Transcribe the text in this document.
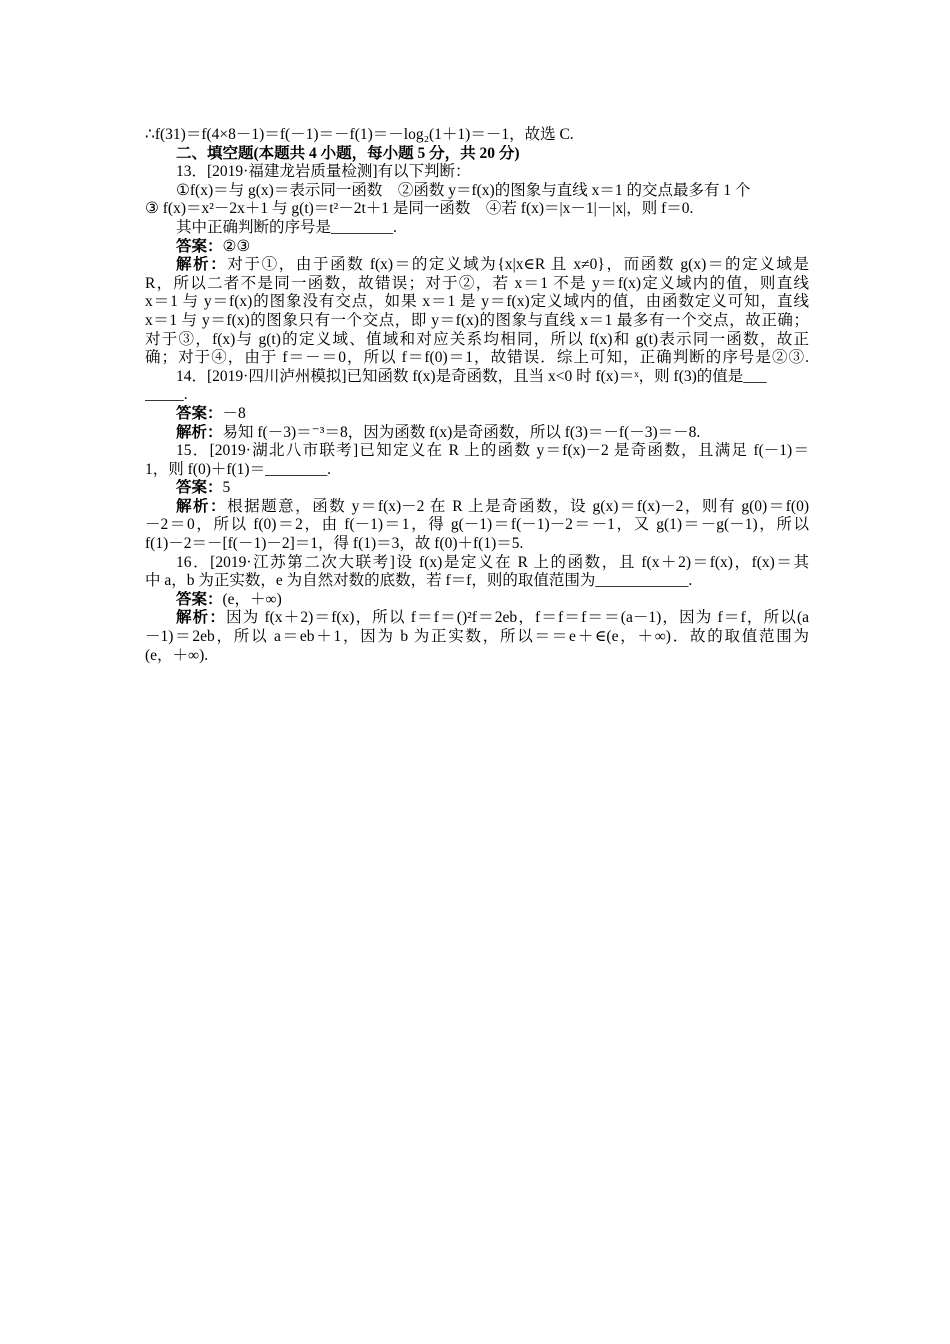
∴f(31)＝f(4×8－1)＝f(－1)＝－f(1)＝－log₂(1＋1)＝－1，故选 C.
二、填空题(本题共 4 小题，每小题 5 分，共 20 分)
13．[2019·福建龙岩质量检测]有以下判断：
①f(x)＝与 g(x)＝表示同一函数　②函数 y＝f(x)的图象与直线 x＝1 的交点最多有 1 个
③ f(x)＝x²－2x＋1 与 g(t)＝t²－2t＋1 是同一函数　④若 f(x)＝|x－1|－|x|，则 f＝0.
其中正确判断的序号是________.
答案：②③
解析：对于①，由于函数 f(x)＝的定义域为{x|x∈R 且 x≠0}，而函数 g(x)＝的定义域是
R，所以二者不是同一函数，故错误；对于②，若 x＝1 不是 y＝f(x)定义域内的值，则直线
x＝1 与 y＝f(x)的图象没有交点，如果 x＝1 是 y＝f(x)定义域内的值，由函数定义可知，直线
x＝1 与 y＝f(x)的图象只有一个交点，即 y＝f(x)的图象与直线 x＝1 最多有一个交点，故正确；
对于③，f(x)与 g(t)的定义域、值域和对应关系均相同，所以 f(x)和 g(t)表示同一函数，故正
确；对于④，由于 f＝－＝0，所以 f＝f(0)＝1，故错误．综上可知，正确判断的序号是②③.
14．[2019·四川泸州模拟]已知函数 f(x)是奇函数，且当 x<0 时 f(x)＝ˣ，则 f(3)的值是___
_____.
答案：－8
解析：易知 f(－3)＝⁻³＝8，因为函数 f(x)是奇函数，所以 f(3)＝－f(－3)＝－8.
15．[2019·湖北八市联考]已知定义在 R 上的函数 y＝f(x)－2 是奇函数，且满足 f(－1)＝
1，则 f(0)＋f(1)＝________.
答案：5
解析：根据题意，函数 y＝f(x)－2 在 R 上是奇函数，设 g(x)＝f(x)－2，则有 g(0)＝f(0)
－2＝0，所以 f(0)＝2，由 f(－1)＝1，得 g(－1)＝f(－1)－2＝－1，又 g(1)＝－g(－1)，所以
f(1)－2＝－[f(－1)－2]＝1，得 f(1)＝3，故 f(0)＋f(1)＝5.
16．[2019·江苏第二次大联考]设 f(x)是定义在 R 上的函数，且 f(x＋2)＝f(x)，f(x)＝其
中 a，b 为正实数，e 为自然对数的底数，若 f＝f，则的取值范围为____________.
答案：(e，＋∞)
解析：因为 f(x＋2)＝f(x)，所以 f＝f＝()²f＝2eb，f＝f＝f＝＝(a－1)，因为 f＝f，所以(a
－1)＝2eb，所以 a＝eb＋1，因为 b 为正实数，所以＝＝e＋∈(e，＋∞)．故的取值范围为
(e，＋∞).
